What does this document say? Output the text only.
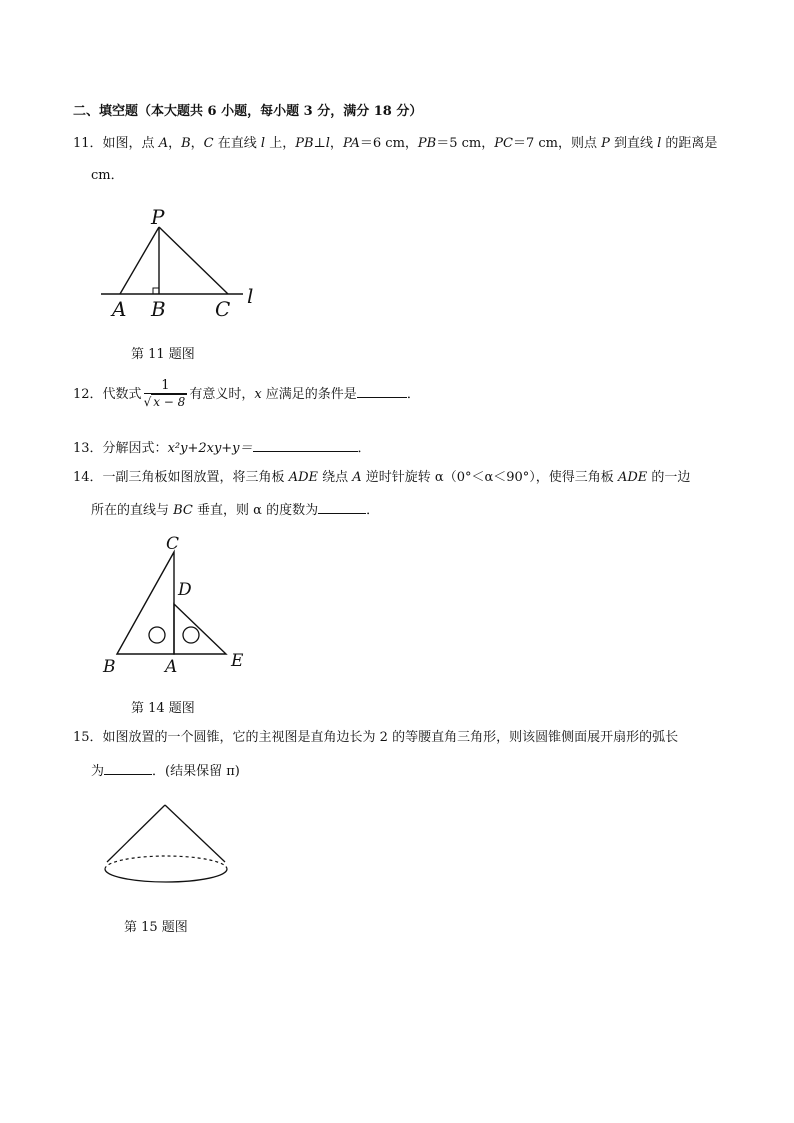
二、填空题（本大题共 6 小题，每小题 3 分，满分 18 分）
11．如图，点 A，B，C 在直线 l 上，PB⊥l，PA＝6 cm，PB＝5 cm，PC＝7 cm，则点 P 到直线 l 的距离是
cm．
P
A B C
l
第 11 题图
12．代数式 $\frac{1}{√ x - 8}$ 有意义时，x 应满足的条件是	．
13．分解因式：x²y+2xy+y＝	．
14．一副三角板如图放置，将三角板 ADE 绕点 A 逆时针旋转 α（0°＜α＜90°），使得三角板 ADE 的一边
所在的直线与 BC 垂直，则 α 的度数为	．
C
D
B	A	E
第 14 题图
15．如图放置的一个圆锥，它的主视图是直角边长为 2 的等腰直角三角形，则该圆锥侧面展开扇形的弧长
为	．(结果保留 π)
第 15 题图
